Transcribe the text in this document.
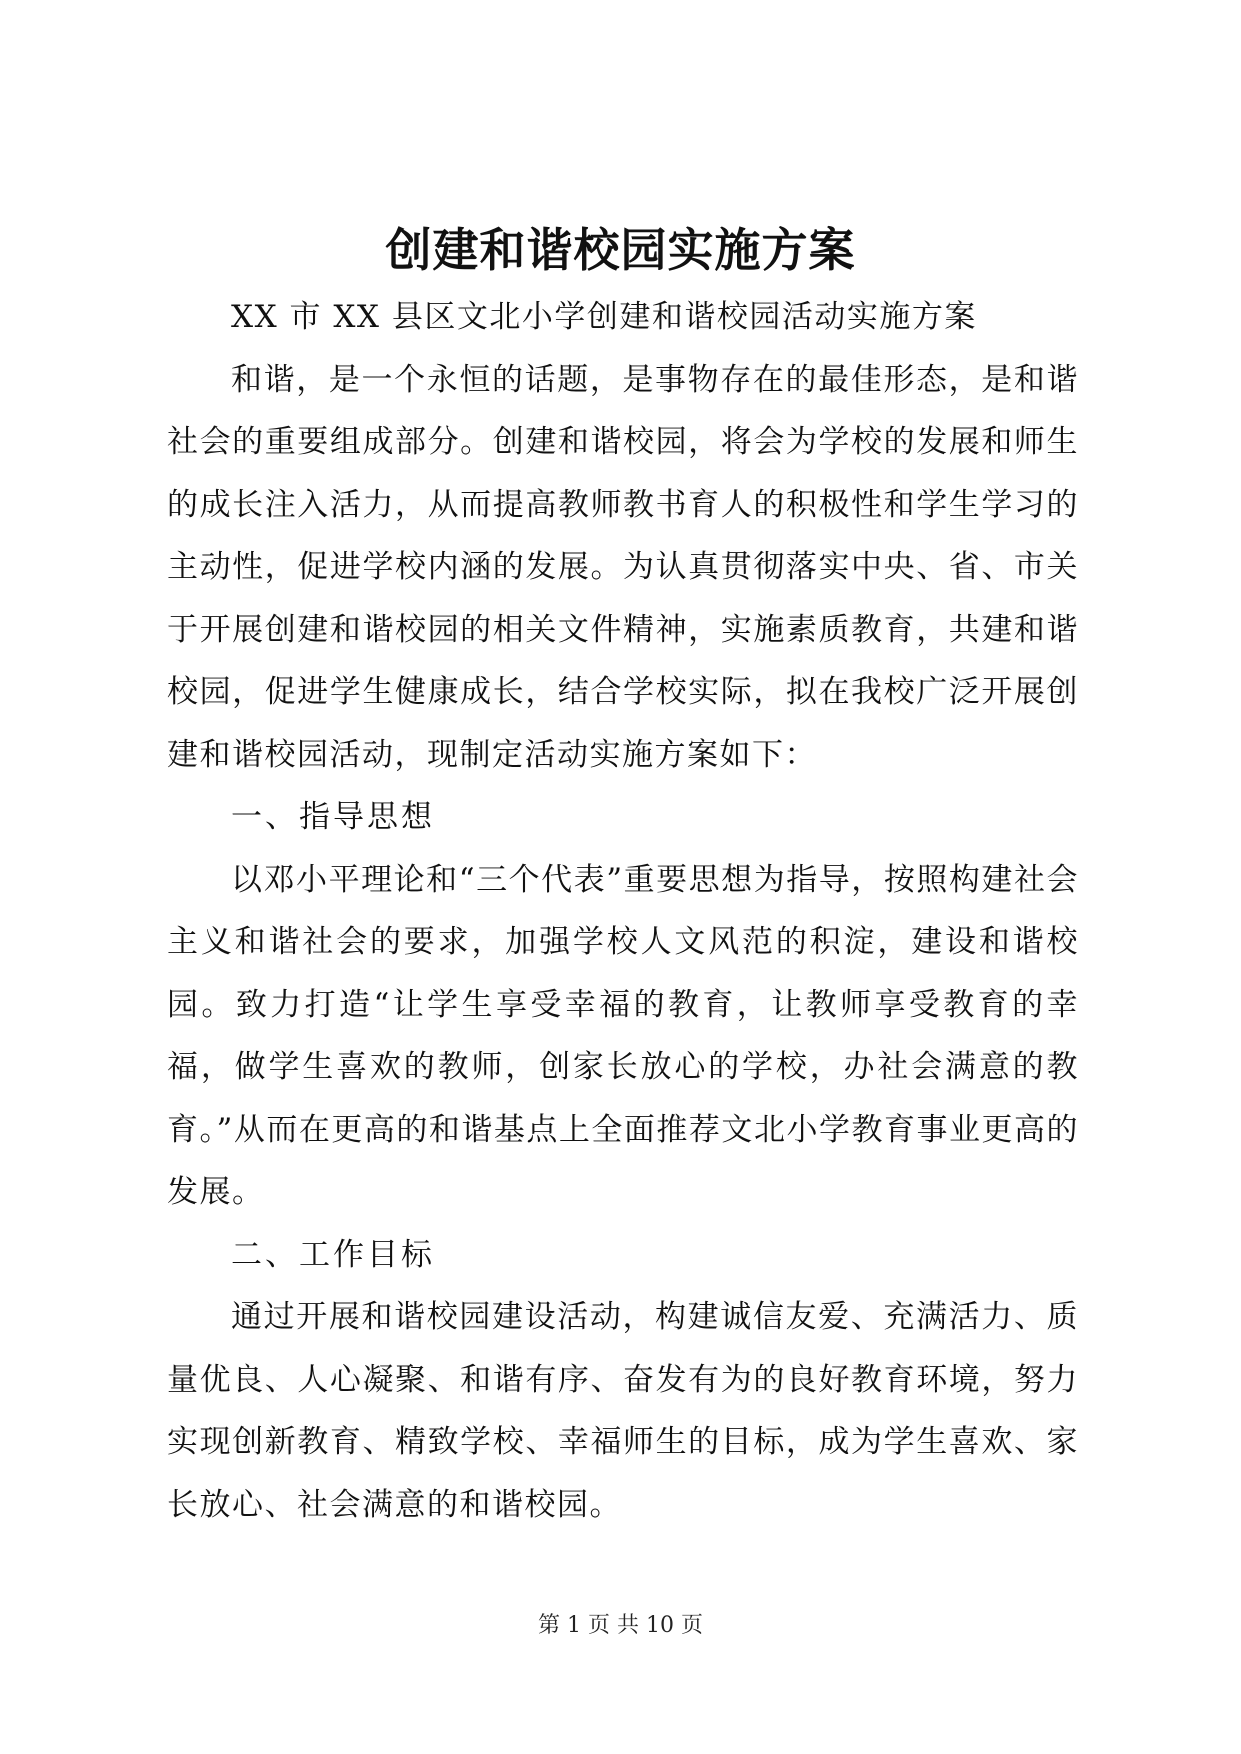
创建和谐校园实施方案

XX 市 XX 县区文北小学创建和谐校园活动实施方案

和谐，是一个永恒的话题，是事物存在的最佳形态，是和谐社会的重要组成部分。创建和谐校园，将会为学校的发展和师生的成长注入活力，从而提高教师教书育人的积极性和学生学习的主动性，促进学校内涵的发展。为认真贯彻落实中央、省、市关于开展创建和谐校园的相关文件精神，实施素质教育，共建和谐校园，促进学生健康成长，结合学校实际，拟在我校广泛开展创建和谐校园活动，现制定活动实施方案如下：

一、指导思想

以邓小平理论和“三个代表”重要思想为指导，按照构建社会主义和谐社会的要求，加强学校人文风范的积淀，建设和谐校园。致力打造“让学生享受幸福的教育，让教师享受教育的幸福，做学生喜欢的教师，创家长放心的学校，办社会满意的教育。”从而在更高的和谐基点上全面推荐文北小学教育事业更高的发展。

二、工作目标

通过开展和谐校园建设活动，构建诚信友爱、充满活力、质量优良、人心凝聚、和谐有序、奋发有为的良好教育环境，努力实现创新教育、精致学校、幸福师生的目标，成为学生喜欢、家长放心、社会满意的和谐校园。

第 1 页 共 10 页
